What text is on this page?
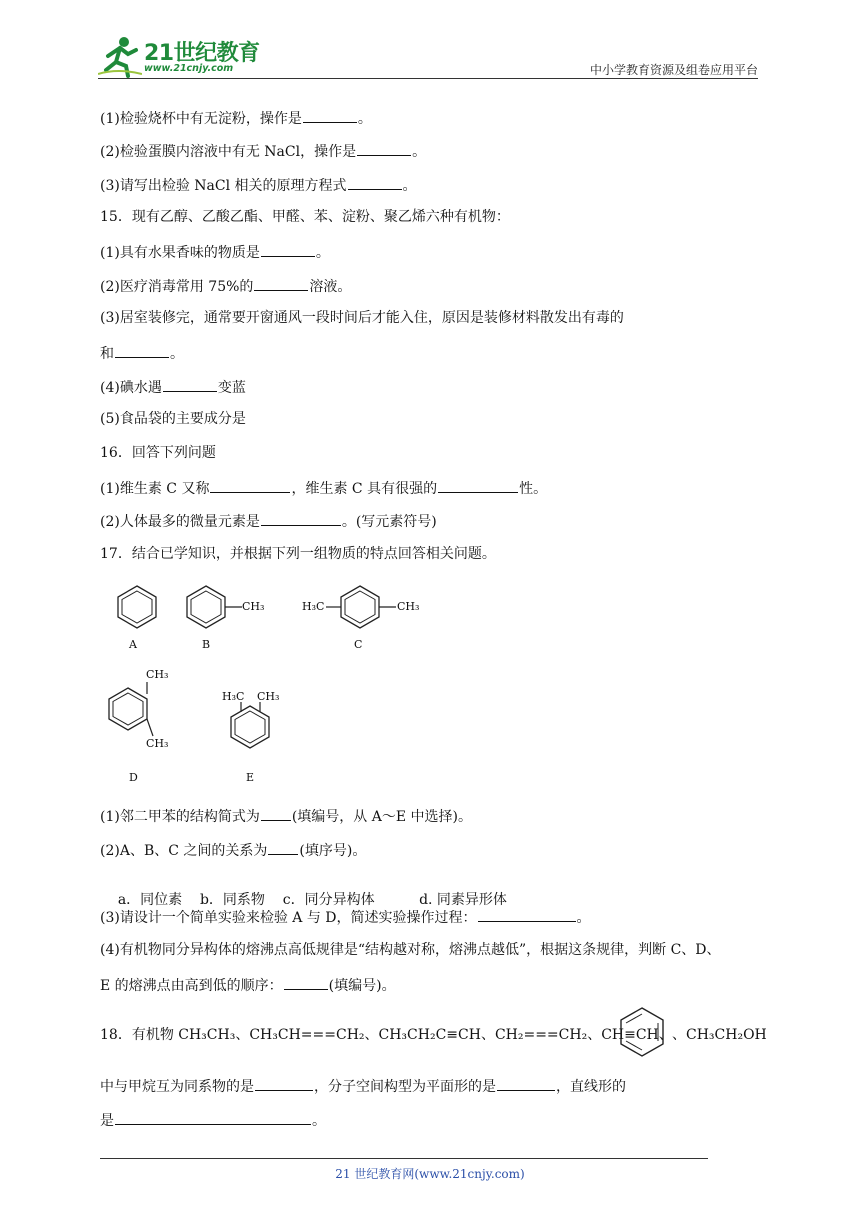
21世纪教育
www.21cnjy.com	中小学教育资源及组卷应用平台
(1)检验烧杯中有无淀粉，操作是	。
(2)检验蛋膜内溶液中有无 NaCl，操作是	。
(3)请写出检验 NaCl 相关的原理方程式	。
15．现有乙醇、乙酸乙酯、甲醛、苯、淀粉、聚乙烯六种有机物：
(1)具有水果香味的物质是	。
(2)医疗消毒常用 75%的	溶液。
(3)居室装修完，通常要开窗通风一段时间后才能入住，原因是装修材料散发出有毒的
和	。
(4)碘水遇	变蓝
(5)食品袋的主要成分是
16．回答下列问题
(1)维生素 C 又称	，维生素 C 具有很强的	性。
(2)人体最多的微量元素是	。(写元素符号)
17．结合已学知识，并根据下列一组物质的特点回答相关问题。
A
CH₃
B
H₃C	CH₃
C
CH₃
CH₃
D
H₃C CH₃
E
(1)邻二甲苯的结构简式为 (填编号，从 A～E 中选择)。
(2)A、B、C 之间的关系为 (填序号)。

a．同位素    b．同系物    c．同分异构体          d. 同素异形体

(3)请设计一个简单实验来检验 A 与 D，简述实验操作过程：	。
(4)有机物同分异构体的熔沸点高低规律是“结构越对称，熔沸点越低”，根据这条规律，判断 C、D、
E 的熔沸点由高到低的顺序：	(填编号)。
18．有机物 CH₃CH₃、CH₃CH===CH₂、CH₃CH₂C≡CH、CH₂===CH₂、CH≡CH、 、CH₃CH₂OH
中与甲烷互为同系物的是	，分子空间构型为平面形的是	，直线形的
是	。
21 世纪教育网(www.21cnjy.com)
